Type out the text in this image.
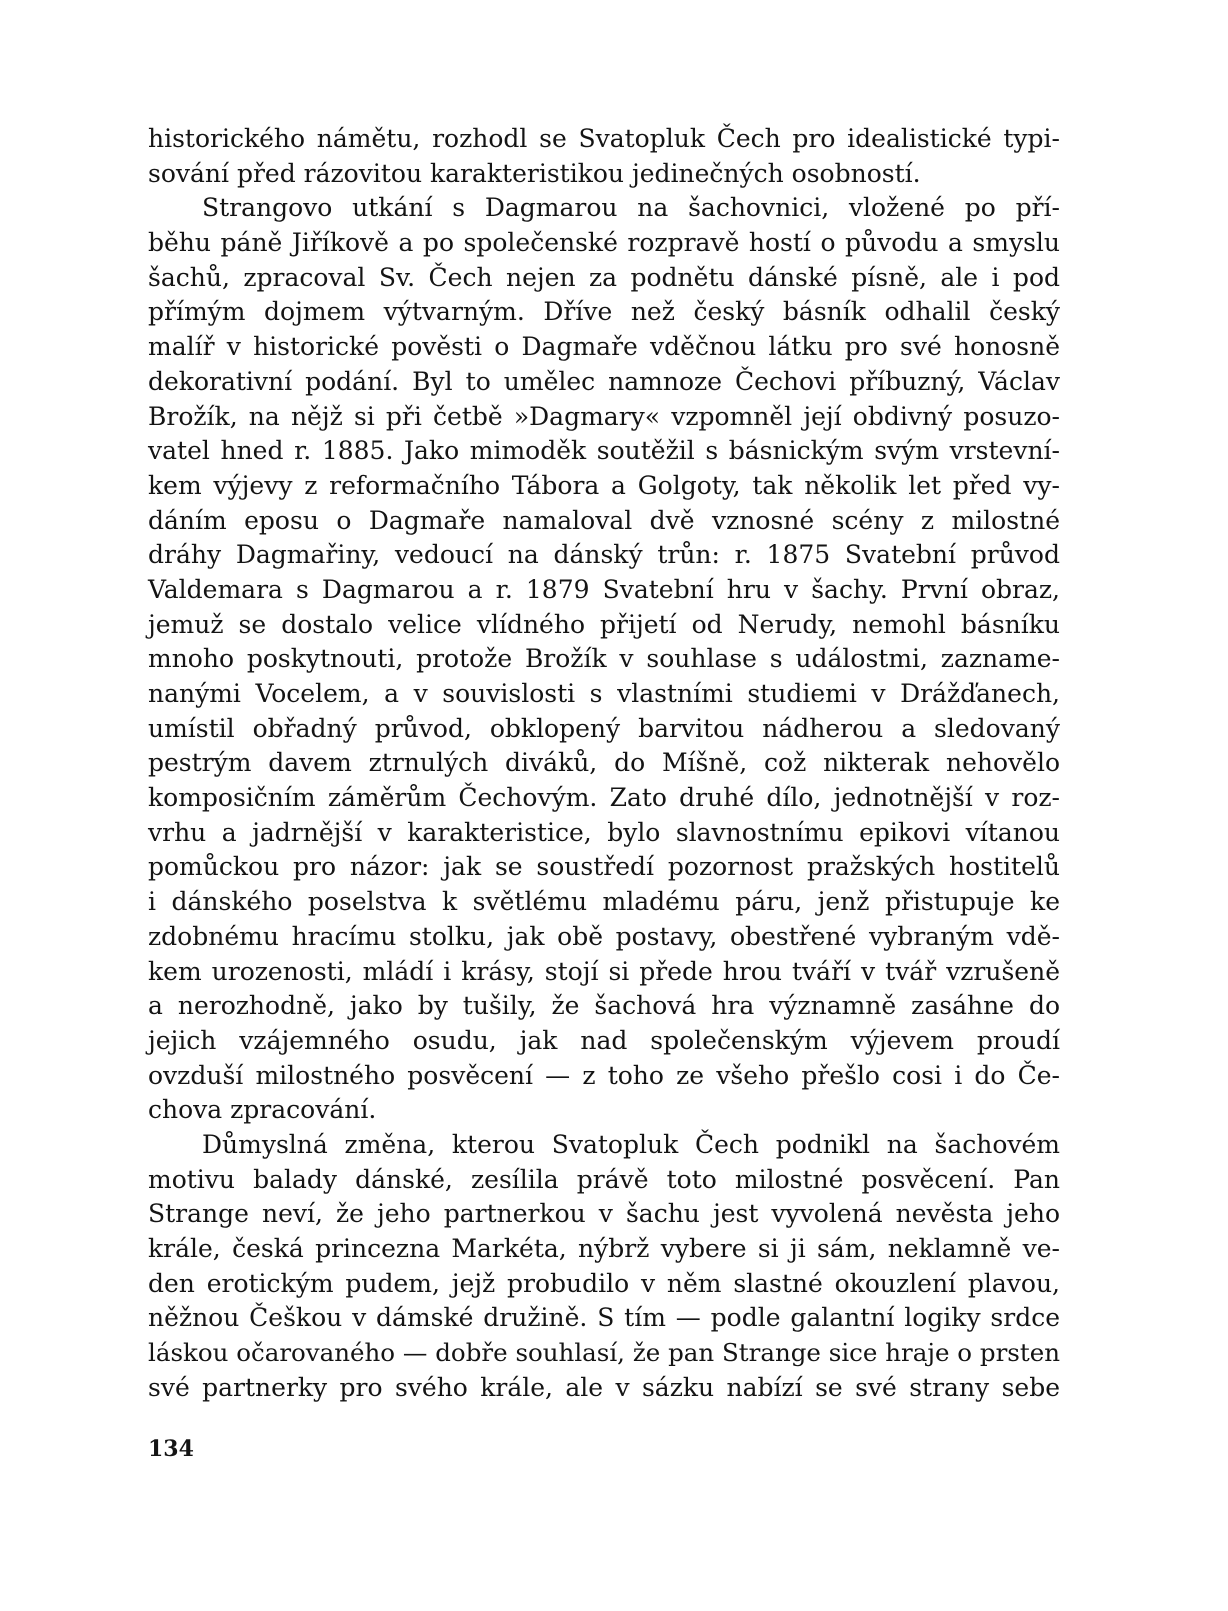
historického námětu, rozhodl se Svatopluk Čech pro idealistické typi-
sování před rázovitou karakteristikou jedinečných osobností.
Strangovo utkání s Dagmarou na šachovnici, vložené po pří-
běhu páně Jiříkově a po společenské rozpravě hostí o původu a smyslu
šachů, zpracoval Sv. Čech nejen za podnětu dánské písně, ale i pod
přímým dojmem výtvarným. Dříve než český básník odhalil český
malíř v historické pověsti o Dagmaře vděčnou látku pro své honosně
dekorativní podání. Byl to umělec namnoze Čechovi příbuzný, Václav
Brožík, na nějž si při četbě »Dagmary« vzpomněl její obdivný posuzo-
vatel hned r. 1885. Jako mimoděk soutěžil s básnickým svým vrstevní-
kem výjevy z reformačního Tábora a Golgoty, tak několik let před vy-
dáním eposu o Dagmaře namaloval dvě vznosné scény z milostné
dráhy Dagmařiny, vedoucí na dánský trůn: r. 1875 Svatební průvod
Valdemara s Dagmarou a r. 1879 Svatební hru v šachy. První obraz,
jemuž se dostalo velice vlídného přijetí od Nerudy, nemohl básníku
mnoho poskytnouti, protože Brožík v souhlase s událostmi, zazname-
nanými Vocelem, a v souvislosti s vlastními studiemi v Drážďanech,
umístil obřadný průvod, obklopený barvitou nádherou a sledovaný
pestrým davem ztrnulých diváků, do Míšně, což nikterak nehovělo
komposičním záměrům Čechovým. Zato druhé dílo, jednotnější v roz-
vrhu a jadrnější v karakteristice, bylo slavnostnímu epikovi vítanou
pomůckou pro názor: jak se soustředí pozornost pražských hostitelů
i dánského poselstva k světlému mladému páru, jenž přistupuje ke
zdobnému hracímu stolku, jak obě postavy, obestřené vybraným vdě-
kem urozenosti, mládí i krásy, stojí si přede hrou tváří v tvář vzrušeně
a nerozhodně, jako by tušily, že šachová hra významně zasáhne do
jejich vzájemného osudu, jak nad společenským výjevem proudí
ovzduší milostného posvěcení — z toho ze všeho přešlo cosi i do Če-
chova zpracování.
Důmyslná změna, kterou Svatopluk Čech podnikl na šachovém
motivu balady dánské, zesílila právě toto milostné posvěcení. Pan
Strange neví, že jeho partnerkou v šachu jest vyvolená nevěsta jeho
krále, česká princezna Markéta, nýbrž vybere si ji sám, neklamně ve-
den erotickým pudem, jejž probudilo v něm slastné okouzlení plavou,
něžnou Češkou v dámské družině. S tím — podle galantní logiky srdce
láskou očarovaného — dobře souhlasí, že pan Strange sice hraje o prsten
své partnerky pro svého krále, ale v sázku nabízí se své strany sebe
134
